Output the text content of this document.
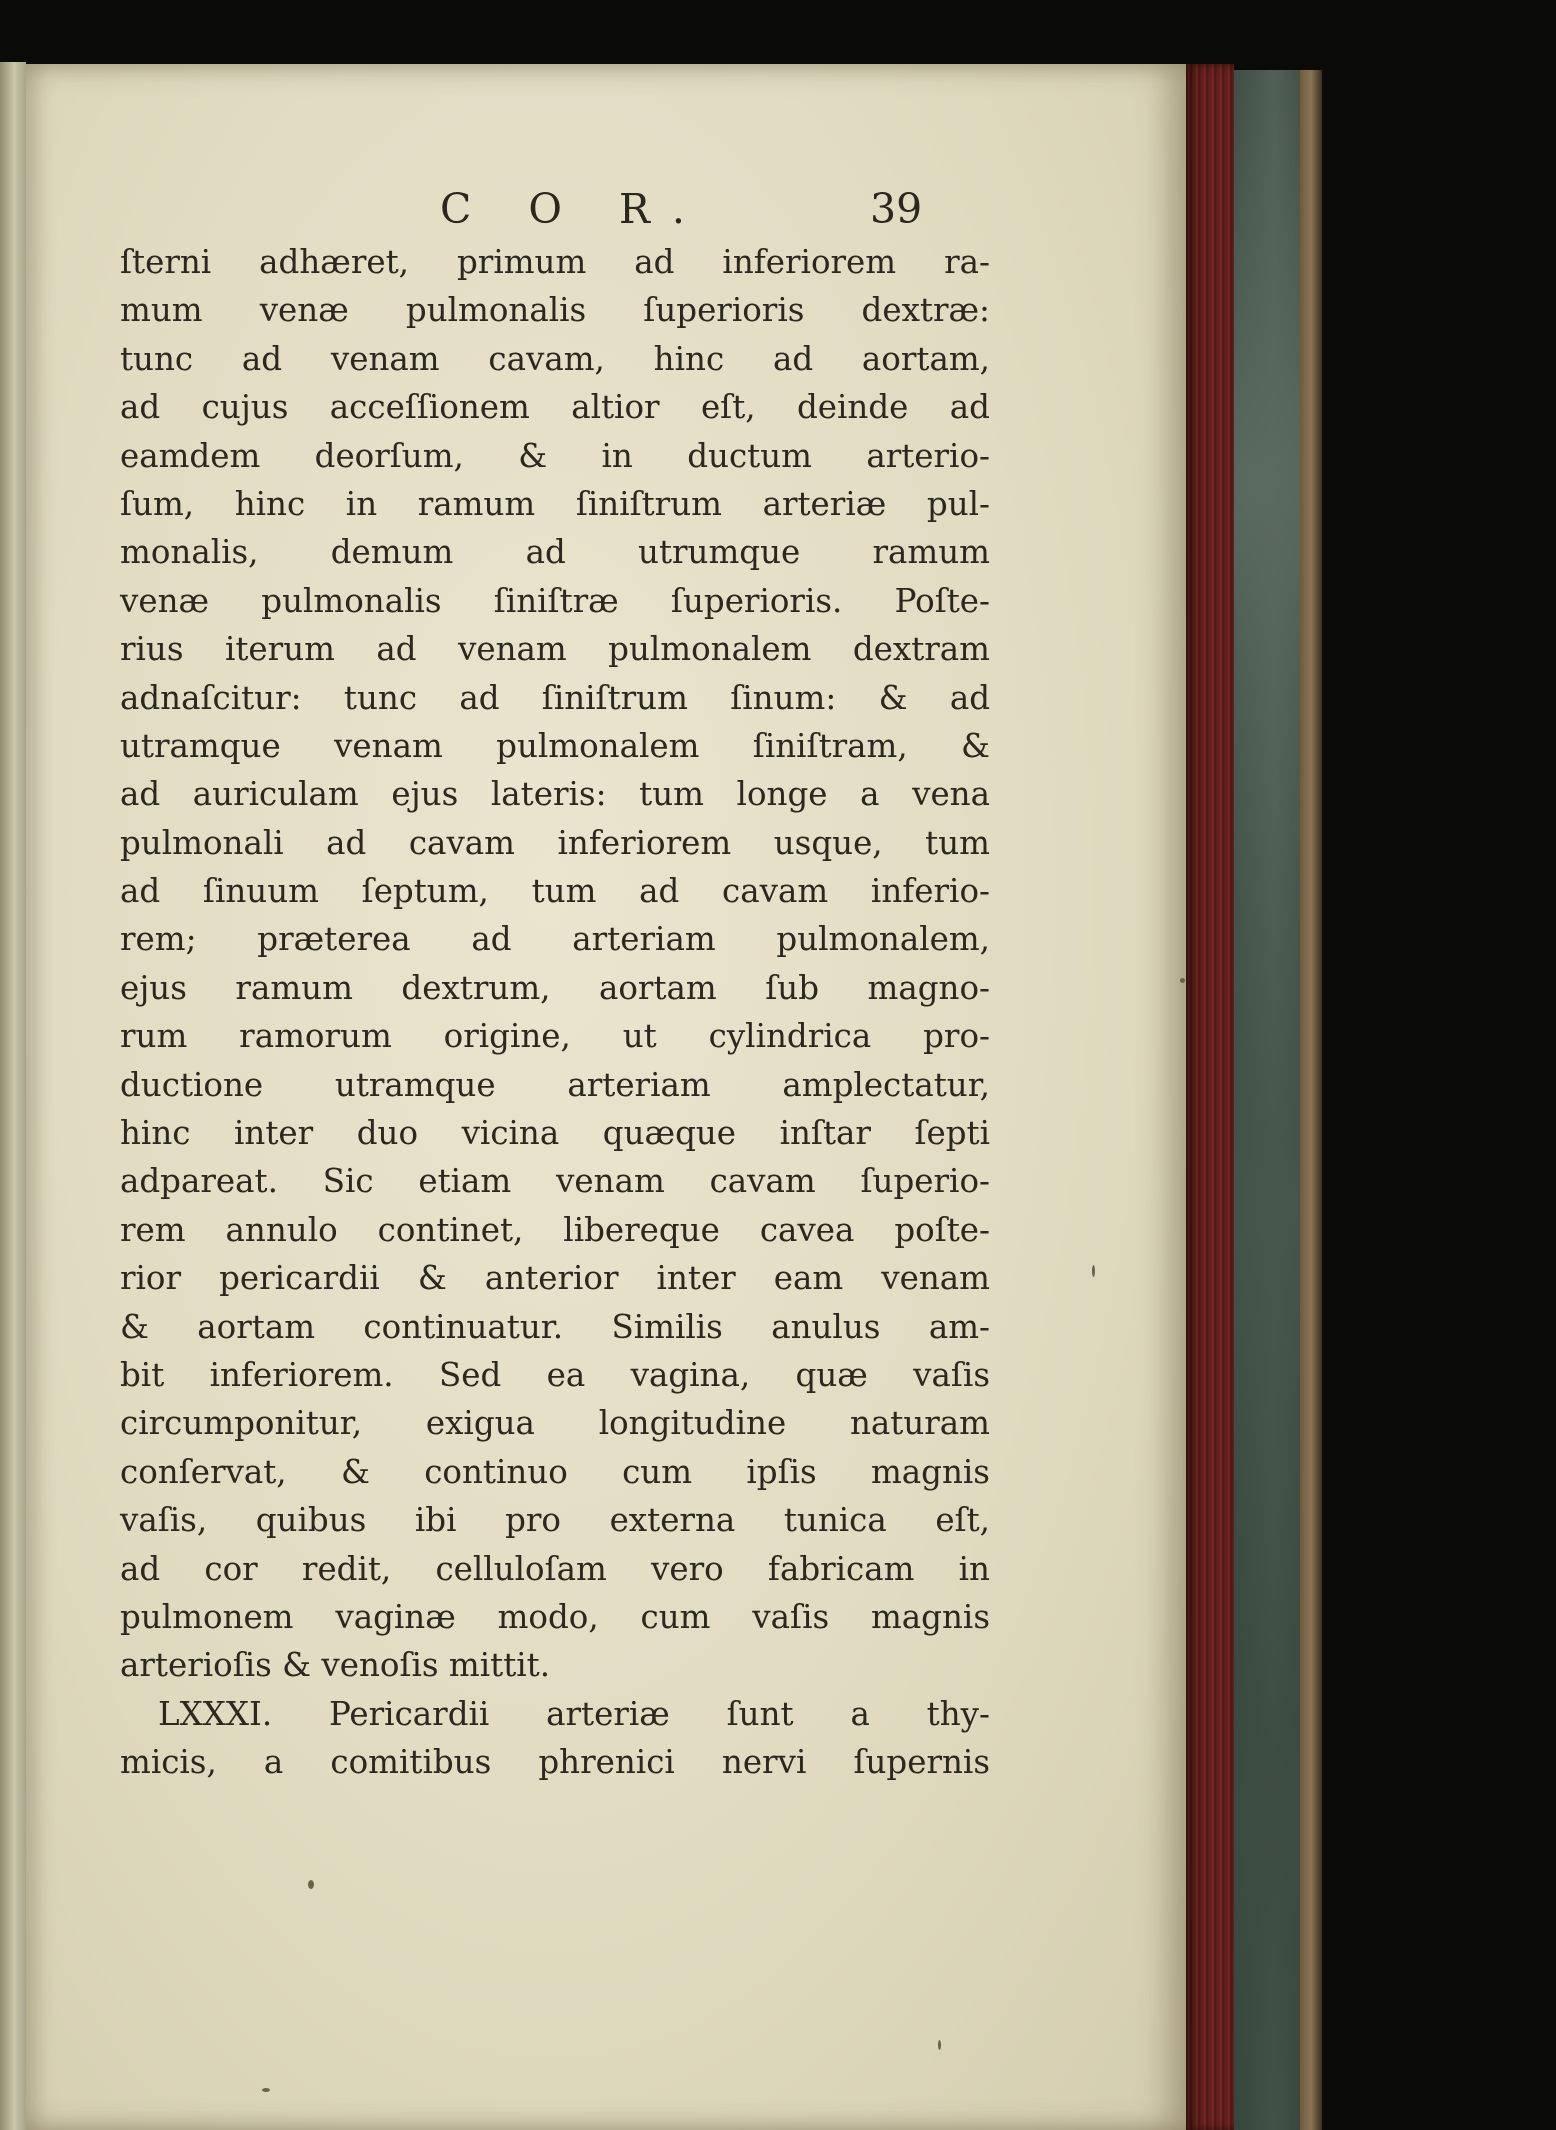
C O R.	39
ſterni adhæret, primum ad inferiorem ra-
mum venæ pulmonalis ſuperioris dextræ:
tunc ad venam cavam, hinc ad aortam,
ad cujus acceſſionem altior eſt, deinde ad
eamdem deorſum, & in ductum arterio-
ſum, hinc in ramum ſiniſtrum arteriæ pul-
monalis, demum ad utrumque ramum
venæ pulmonalis ſiniſtræ ſuperioris. Poſte-
rius iterum ad venam pulmonalem dextram
adnaſcitur: tunc ad ſiniſtrum ſinum: & ad
utramque venam pulmonalem ſiniſtram, &
ad auriculam ejus lateris: tum longe a vena
pulmonali ad cavam inferiorem usque, tum
ad ſinuum ſeptum, tum ad cavam inferio-
rem; præterea ad arteriam pulmonalem,
ejus ramum dextrum, aortam ſub magno-
rum ramorum origine, ut cylindrica pro-
ductione utramque arteriam amplectatur,
hinc inter duo vicina quæque inſtar ſepti
adpareat. Sic etiam venam cavam ſuperio-
rem annulo continet, libereque cavea poſte-
rior pericardii & anterior inter eam venam
& aortam continuatur. Similis anulus am-
bit inferiorem. Sed ea vagina, quæ vaſis
circumponitur, exigua longitudine naturam
conſervat, & continuo cum ipſis magnis
vaſis, quibus ibi pro externa tunica eſt,
ad cor redit, celluloſam vero fabricam in
pulmonem vaginæ modo, cum vaſis magnis
arterioſis & venoſis mittit.
LXXXI. Pericardii arteriæ ſunt a thy-
micis, a comitibus phrenici nervi ſupernis
